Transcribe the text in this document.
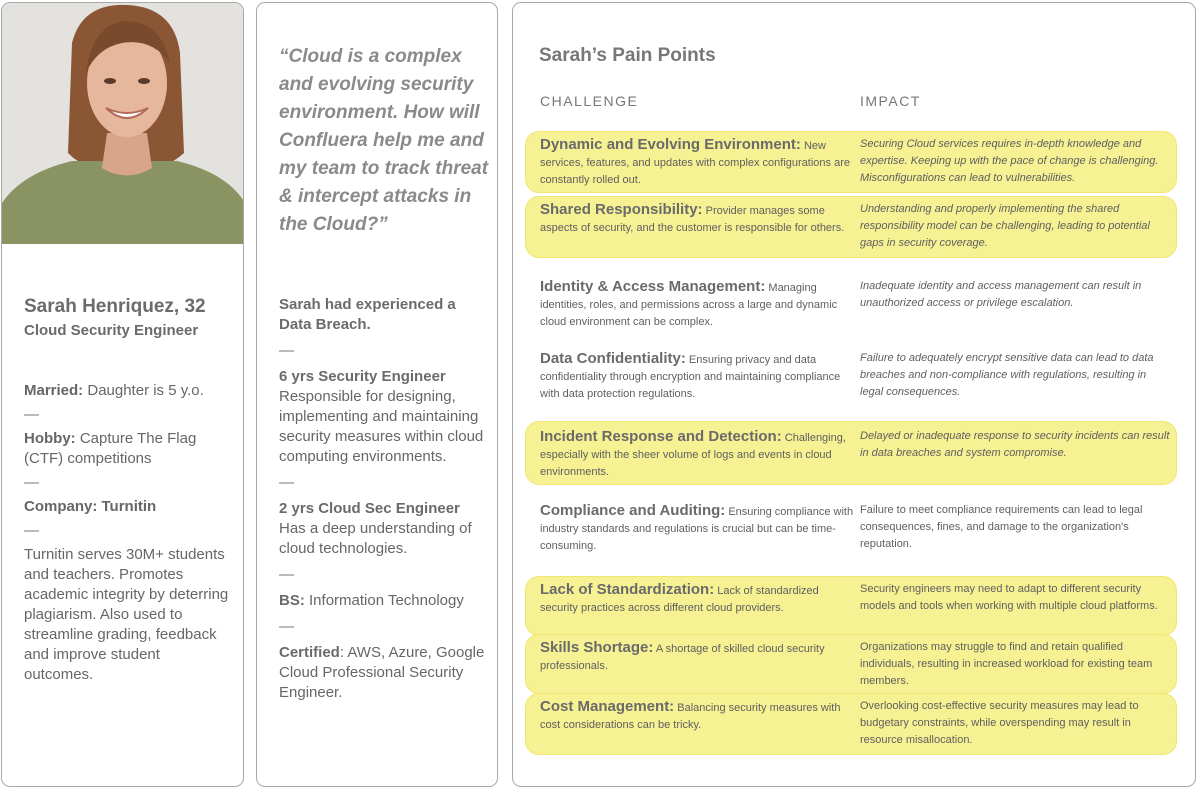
Sarah Henriquez, 32
Cloud Security Engineer
Married: Daughter is 5 y.o.
—
Hobby: Capture The Flag (CTF) competitions
—
Company: Turnitin
—
Turnitin serves 30M+ students and teachers. Promotes academic integrity by deterring plagiarism. Also used to streamline grading, feedback and improve student outcomes.
“Cloud is a complex and evolving security environment. How will Confluera help me and my team to track threat & intercept attacks in the Cloud?”
Sarah had experienced a Data Breach.
—
6 yrs Security Engineer
Responsible for designing, implementing and maintaining security measures within cloud computing environments.
—
2 yrs Cloud Sec Engineer
Has a deep understanding of cloud technologies.
—
BS: Information Technology
—
Certified: AWS, Azure, Google Cloud Professional Security Engineer.
Sarah’s Pain Points
CHALLENGE	IMPACT
Dynamic and Evolving Environment: New services, features, and updates with complex configurations are constantly rolled out.
Securing Cloud services requires in-depth knowledge and expertise. Keeping up with the pace of change is challenging. Misconfigurations can lead to vulnerabilities.
Shared Responsibility: Provider manages some aspects of security, and the customer is responsible for others.
Understanding and properly implementing the shared responsibility model can be challenging, leading to potential gaps in security coverage.
Identity & Access Management: Managing identities, roles, and permissions across a large and dynamic cloud environment can be complex.
Inadequate identity and access management can result in unauthorized access or privilege escalation.
Data Confidentiality: Ensuring privacy and data confidentiality through encryption and maintaining compliance with data protection regulations.
Failure to adequately encrypt sensitive data can lead to data breaches and non-compliance with regulations, resulting in legal consequences.
Incident Response and Detection: Challenging, especially with the sheer volume of logs and events in cloud environments.
Delayed or inadequate response to security incidents can result in data breaches and system compromise.
Compliance and Auditing: Ensuring compliance with industry standards and regulations is crucial but can be time-consuming.
Failure to meet compliance requirements can lead to legal consequences, fines, and damage to the organization's reputation.
Lack of Standardization: Lack of standardized security practices across different cloud providers.
Security engineers may need to adapt to different security models and tools when working with multiple cloud platforms.
Skills Shortage: A shortage of skilled cloud security professionals.
Organizations may struggle to find and retain qualified individuals, resulting in increased workload for existing team members.
Cost Management: Balancing security measures with cost considerations can be tricky.
Overlooking cost-effective security measures may lead to budgetary constraints, while overspending may result in resource misallocation.
